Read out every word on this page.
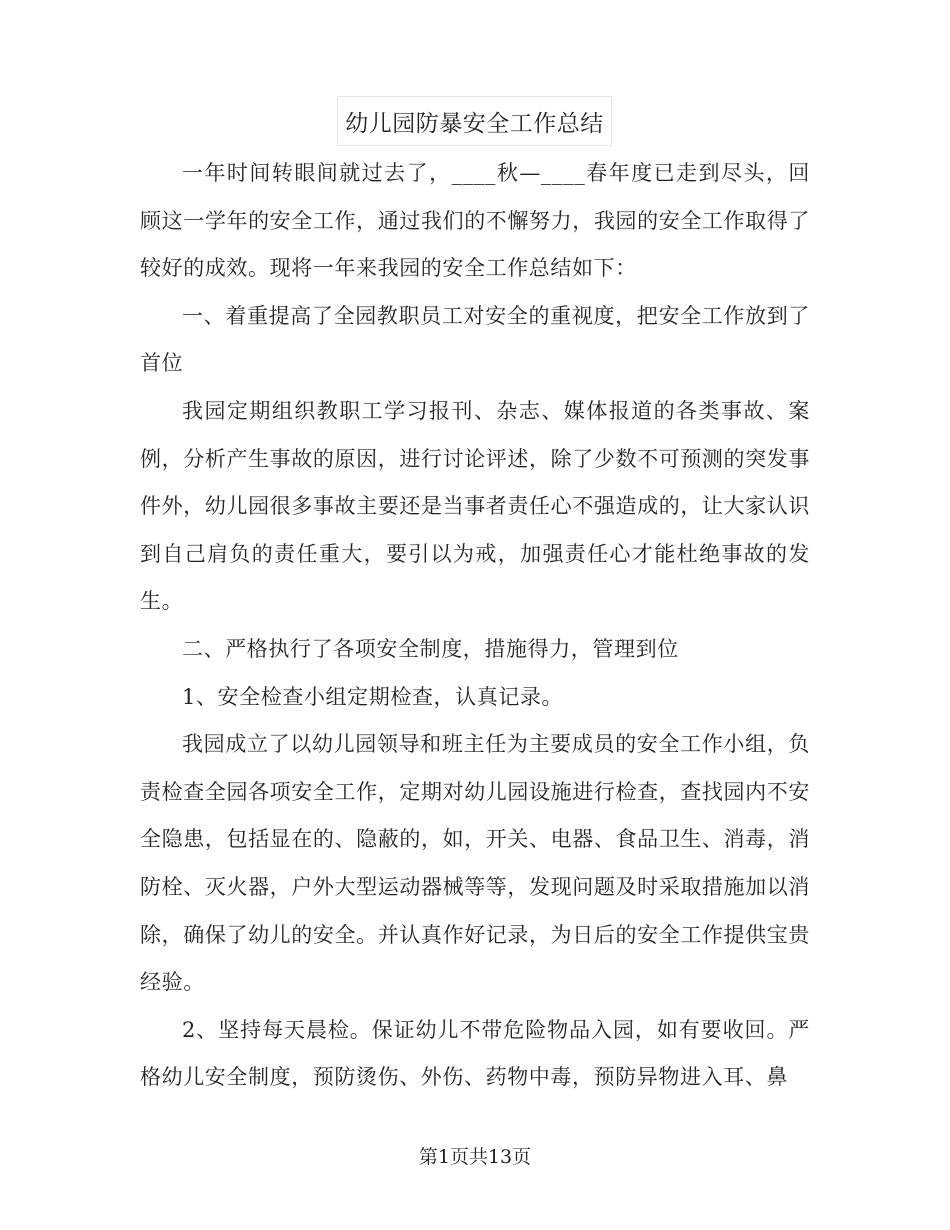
幼儿园防暴安全工作总结

一年时间转眼间就过去了，____秋—____春年度已走到尽头，回顾这一学年的安全工作，通过我们的不懈努力，我园的安全工作取得了较好的成效。现将一年来我园的安全工作总结如下：

一、着重提高了全园教职员工对安全的重视度，把安全工作放到了首位

我园定期组织教职工学习报刊、杂志、媒体报道的各类事故、案例，分析产生事故的原因，进行讨论评述，除了少数不可预测的突发事件外，幼儿园很多事故主要还是当事者责任心不强造成的，让大家认识到自己肩负的责任重大，要引以为戒，加强责任心才能杜绝事故的发生。

二、严格执行了各项安全制度，措施得力，管理到位

1、安全检查小组定期检查，认真记录。

我园成立了以幼儿园领导和班主任为主要成员的安全工作小组，负责检查全园各项安全工作，定期对幼儿园设施进行检查，查找园内不安全隐患，包括显在的、隐蔽的，如，开关、电器、食品卫生、消毒，消防栓、灭火器，户外大型运动器械等等，发现问题及时采取措施加以消除，确保了幼儿的安全。并认真作好记录，为日后的安全工作提供宝贵经验。

2、坚持每天晨检。保证幼儿不带危险物品入园，如有要收回。严格幼儿安全制度，预防烫伤、外伤、药物中毒，预防异物进入耳、鼻

第1页共13页
